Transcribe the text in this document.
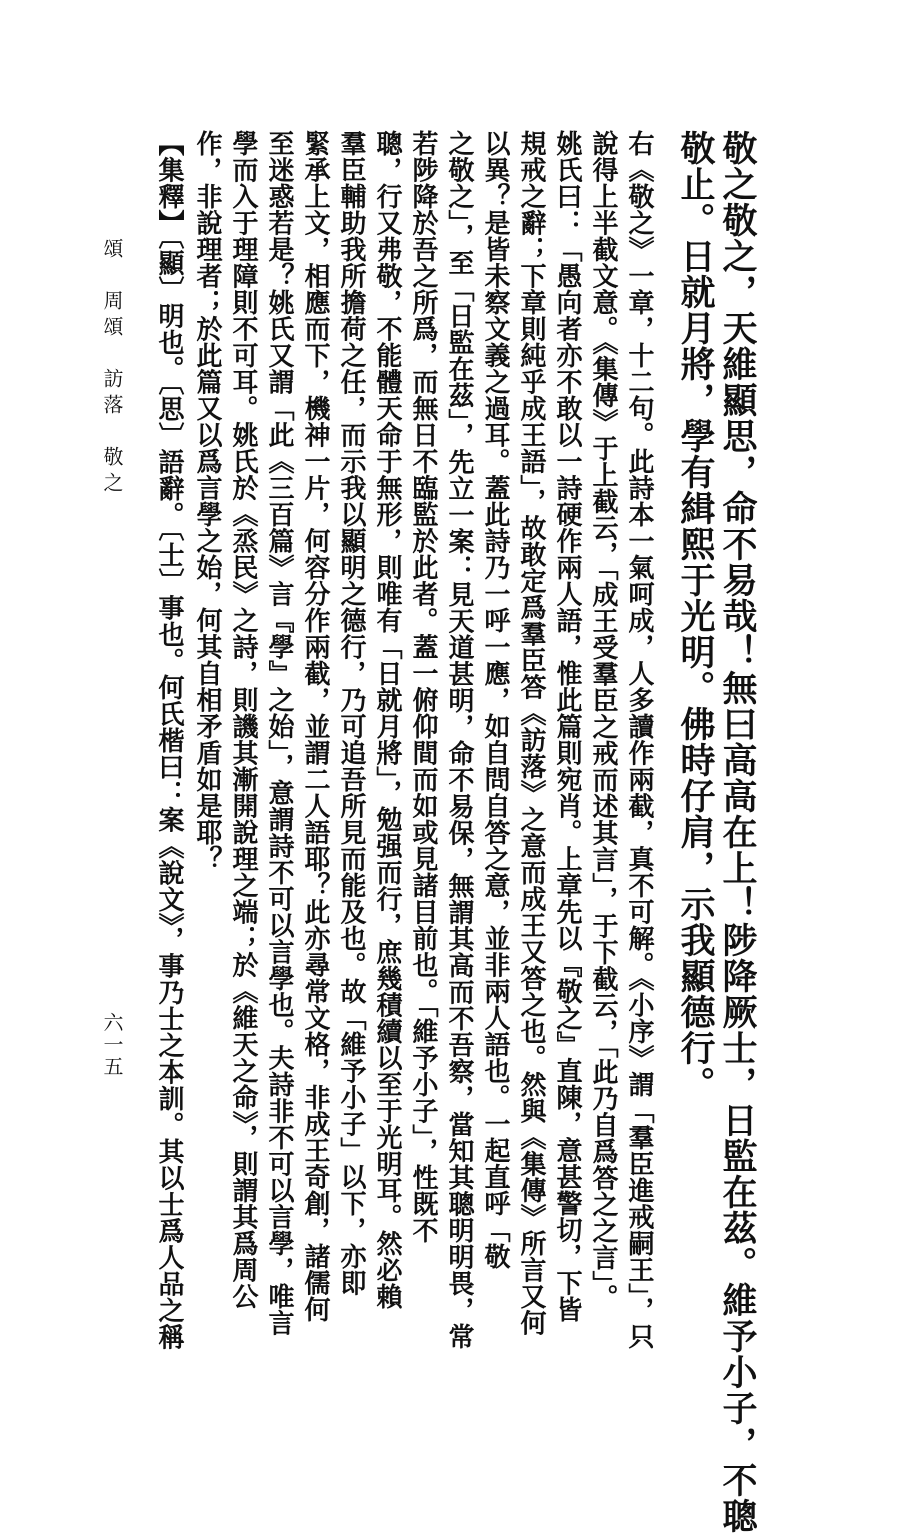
敬之敬之，天維顯思，命不易哉！無曰高高在上！陟降厥士，日監在茲。維予小子，不聰
敬止。日就月將，學有緝熙于光明。佛時仔肩，示我顯德行。
右《敬之》一章，十二句。此詩本一氣呵成，人多讀作兩截，真不可解。《小序》謂「羣臣進戒嗣王」，只
說得上半截文意。《集傳》于上截云，「成王受羣臣之戒而述其言」，于下截云，「此乃自爲答之之言」。
姚氏曰：「愚向者亦不敢以一詩硬作兩人語，惟此篇則宛肖。上章先以『敬之』直陳，意甚警切，下皆
規戒之辭；下章則純乎成王語」，故敢定爲羣臣答《訪落》之意而成王又答之也。然與《集傳》所言又何
以異？是皆未察文義之過耳。蓋此詩乃一呼一應，如自問自答之意，並非兩人語也。一起直呼「敬
之敬之」，至「日監在茲」，先立一案：見天道甚明，命不易保，無謂其高而不吾察，當知其聰明明畏，常
若陟降於吾之所爲，而無日不臨監於此者。蓋一俯仰間而如或見諸目前也。「維予小子」，性既不
聰，行又弗敬，不能體天命于無形，則唯有「日就月將」，勉强而行，庶幾積續以至于光明耳。然必賴
羣臣輔助我所擔荷之任，而示我以顯明之德行，乃可追吾所見而能及也。故「維予小子」以下，亦即
緊承上文，相應而下，機神一片，何容分作兩截，並謂二人語耶？此亦尋常文格，非成王奇創，諸儒何
至迷惑若是？姚氏又謂「此《三百篇》言『學』之始」，意謂詩不可以言學也。夫詩非不可以言學，唯言
學而入于理障則不可耳。姚氏於《烝民》之詩，則譏其漸開說理之端；於《維天之命》，則謂其爲周公
作，非說理者；於此篇又以爲言學之始，何其自相矛盾如是耶？
【集釋】〔顯〕明也。〔思〕語辭。〔士〕事也。何氏楷曰：案《說文》，事乃士之本訓。其以士爲人品之稱
頌　周頌　訪落　敬之
六一五
